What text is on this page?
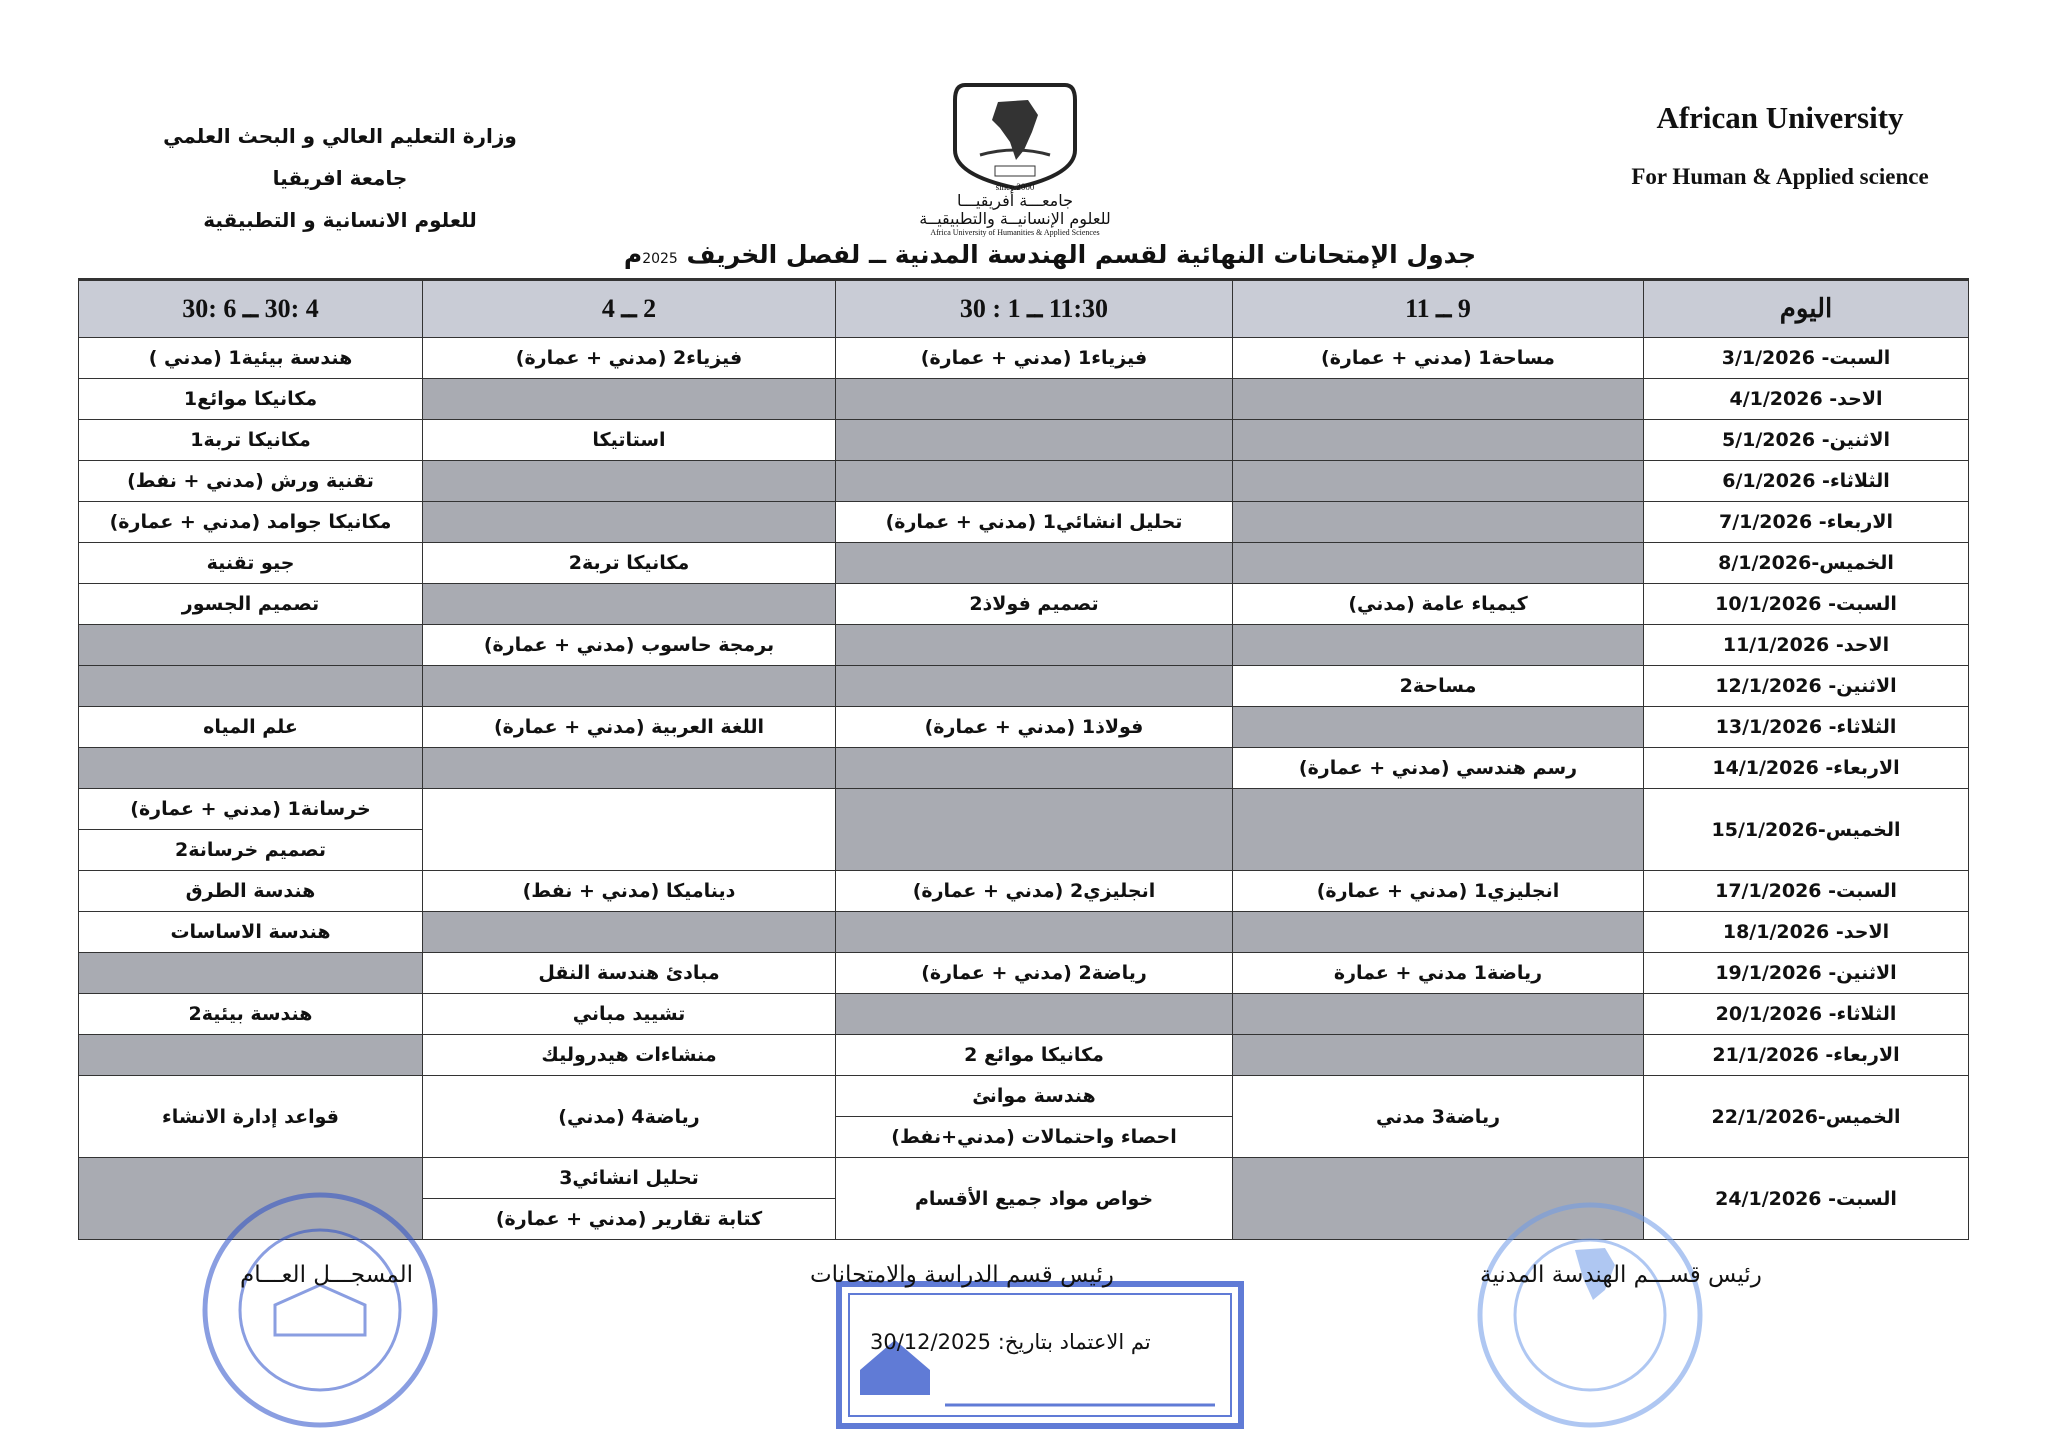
وزارة التعليم العالي و البحث العلمي
جامعة افريقيا
للعلوم الانسانية و التطبيقية
since 2000
جامعـــة أفريقيـــا
للعلوم الإنسانيــة والتطبيقيــة
Africa University of Humanities & Applied Sciences
African University
For Human & Applied science
جدول الإمتحانات النهائية لقسم الهندسة المدنية ــ لفصل الخريف 2025م
اليوم	9 ــ 11	11:30 ــ 1 : 30	2 ــ 4	4 :30 ــ 6 :30
السبت- 3/1/2026	مساحة1 (مدني + عمارة)	فيزياء1 (مدني + عمارة)	فيزياء2 (مدني + عمارة)	هندسة بيئية1 (مدني )
الاحد- 4/1/2026				مكانيكا موائع1
الاثنين- 5/1/2026			استاتيكا	مكانيكا تربة1
الثلاثاء- 6/1/2026				تقنية ورش (مدني + نفط)
الاربعاء- 7/1/2026		تحليل انشائي1 (مدني + عمارة)		مكانيكا جوامد (مدني + عمارة)
الخميس-8/1/2026			مكانيكا تربة2	جيو تقنية
السبت- 10/1/2026	كيمياء عامة (مدني)	تصميم فولاذ2		تصميم الجسور
الاحد- 11/1/2026			برمجة حاسوب (مدني + عمارة)	
الاثنين- 12/1/2026	مساحة2			
الثلاثاء- 13/1/2026		فولاذ1 (مدني + عمارة)	اللغة العربية (مدني + عمارة)	علم المياه
الاربعاء- 14/1/2026	رسم هندسي (مدني + عمارة)			
الخميس-15/1/2026				خرسانة1 (مدني + عمارة)
				تصميم خرسانة2
السبت- 17/1/2026	انجليزي1 (مدني + عمارة)	انجليزي2 (مدني + عمارة)	ديناميكا (مدني + نفط)	هندسة الطرق
الاحد- 18/1/2026				هندسة الاساسات
الاثنين- 19/1/2026	رياضة1 مدني + عمارة	رياضة2 (مدني + عمارة)	مبادئ هندسة النقل	
الثلاثاء- 20/1/2026			تشييد مباني	هندسة بيئية2
الاربعاء- 21/1/2026		مكانيكا موائع 2	منشاءات هيدروليك	
الخميس-22/1/2026	رياضة3 مدني	هندسة موانئ	رياضة4 (مدني)	قواعد إدارة الانشاء
		احصاء واحتمالات (مدني+نفط)		
السبت- 24/1/2026		خواص مواد جميع الأقسام	تحليل انشائي3	
			كتابة تقارير (مدني + عمارة)	
رئيس قســـم الهندسة المدنية
رئيس قسم الدراسة والامتحانات
المسجـــل العـــام
تم الاعتماد بتاريخ: 30/12/2025
